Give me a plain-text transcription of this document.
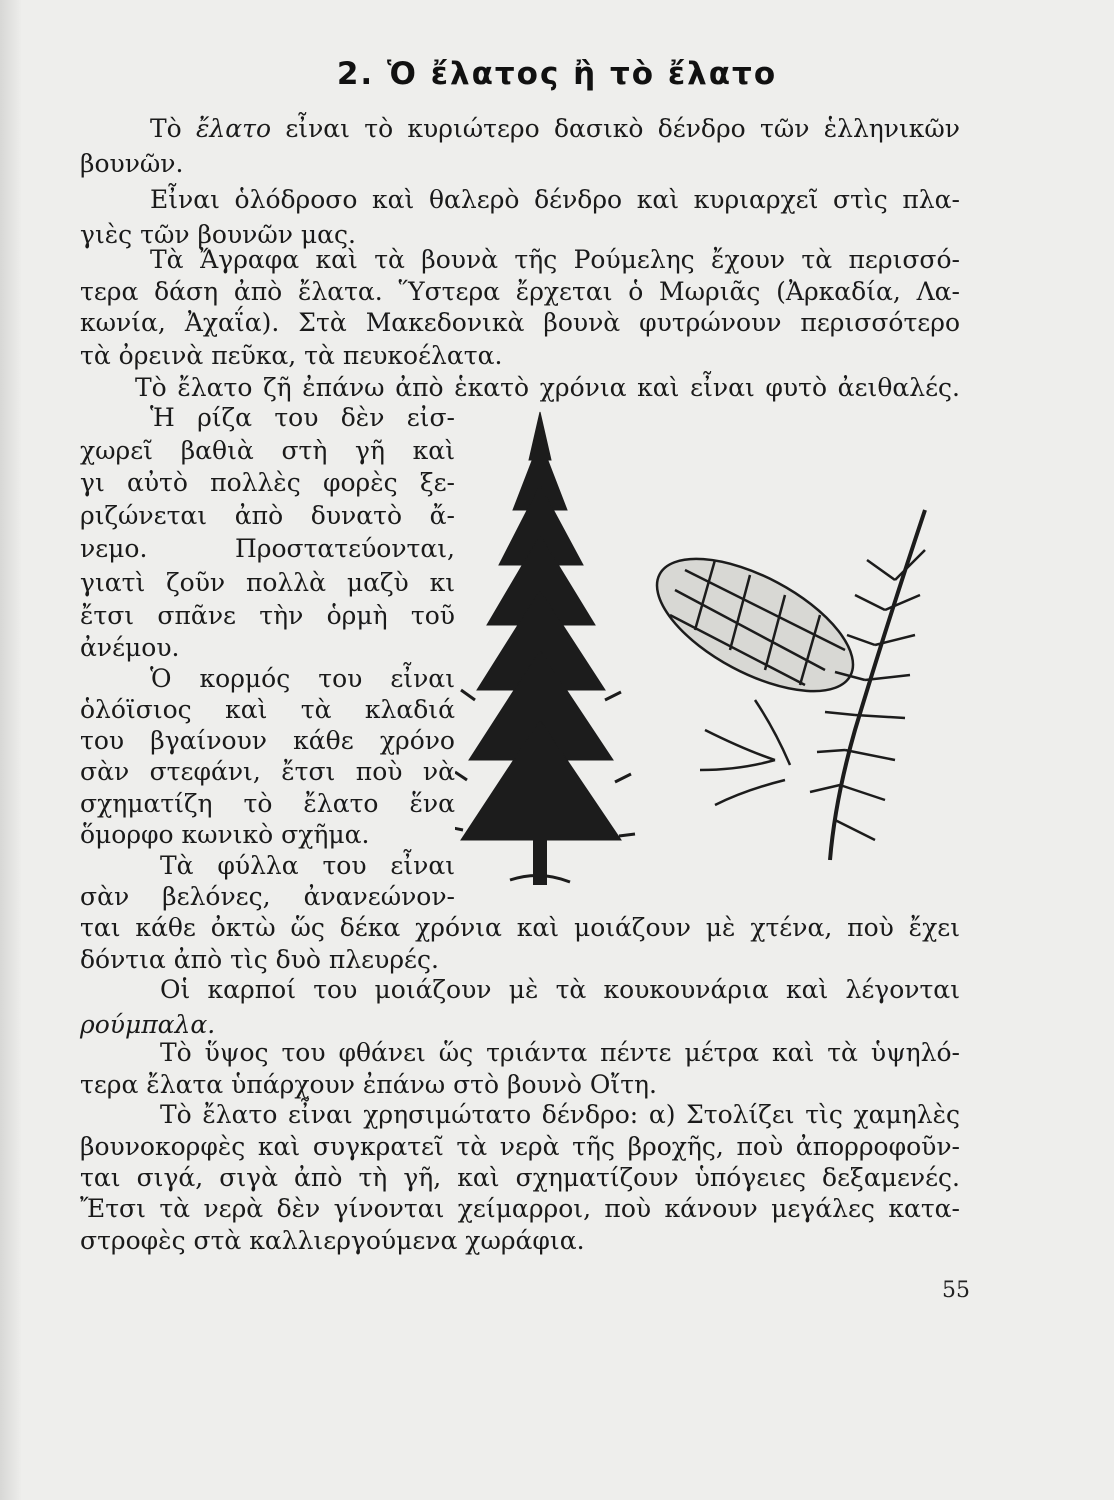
2. Ὁ ἔλατος ἢ τὸ ἔλατο
Τὸ ἔλατο εἶναι τὸ κυριώτερο δασικὸ δένδρο τῶν ἑλληνικῶν
βουνῶν.
Εἶναι ὁλόδροσο καὶ θαλερὸ δένδρο καὶ κυριαρχεῖ στὶς πλα-
γιὲς τῶν βουνῶν μας.
Τὰ Ἄγραφα καὶ τὰ βουνὰ τῆς Ρούμελης ἔχουν τὰ περισσό-
τερα δάση ἀπὸ ἔλατα. Ὕστερα ἔρχεται ὁ Μωριᾶς (Ἀρκαδία, Λα-
κωνία, Ἀχαΐα). Στὰ Μακεδονικὰ βουνὰ φυτρώνουν περισσότερο
τὰ ὀρεινὰ πεῦκα, τὰ πευκοέλατα.
Τὸ ἔλατο ζῆ ἐπάνω ἀπὸ ἑκατὸ χρόνια καὶ εἶναι φυτὸ ἀειθαλές.
Ἡ ρίζα του δὲν εἰσ-
χωρεῖ βαθιὰ στὴ γῆ καὶ
γι αὐτὸ πολλὲς φορὲς ξε-
ριζώνεται ἀπὸ δυνατὸ ἄ-
νεμο. Προστατεύονται,
γιατὶ ζοῦν πολλὰ μαζὺ κι
ἔτσι σπᾶνε τὴν ὁρμὴ τοῦ
ἀνέμου.
Ὁ κορμός του εἶναι
ὁλόϊσιος καὶ τὰ κλαδιά
του βγαίνουν κάθε χρόνο
σὰν στεφάνι, ἔτσι ποὺ νὰ
σχηματίζη τὸ ἔλατο ἕνα
ὅμορφο κωνικὸ σχῆμα.
Τὰ φύλλα του εἶναι
σὰν βελόνες, ἀνανεώνον-
ται κάθε ὀκτὼ ὥς δέκα χρόνια καὶ μοιάζουν μὲ χτένα, ποὺ ἔχει
δόντια ἀπὸ τὶς δυὸ πλευρές.
Οἱ καρποί του μοιάζουν μὲ τὰ κουκουνάρια καὶ λέγονται
ρούμπαλα.
Τὸ ὕψος του φθάνει ὥς τριάντα πέντε μέτρα καὶ τὰ ὑψηλό-
τερα ἔλατα ὑπάρχουν ἐπάνω στὸ βουνὸ Οἴτη.
Τὸ ἔλατο εἶναι χρησιμώτατο δένδρο: α) Στολίζει τὶς χαμηλὲς
βουνοκορφὲς καὶ συγκρατεῖ τὰ νερὰ τῆς βροχῆς, ποὺ ἀπορροφοῦν-
ται σιγά, σιγὰ ἀπὸ τὴ γῆ, καὶ σχηματίζουν ὑπόγειες δεξαμενές.
Ἔτσι τὰ νερὰ δὲν γίνονται χείμαρροι, ποὺ κάνουν μεγάλες κατα-
στροφὲς στὰ καλλιεργούμενα χωράφια.
55
